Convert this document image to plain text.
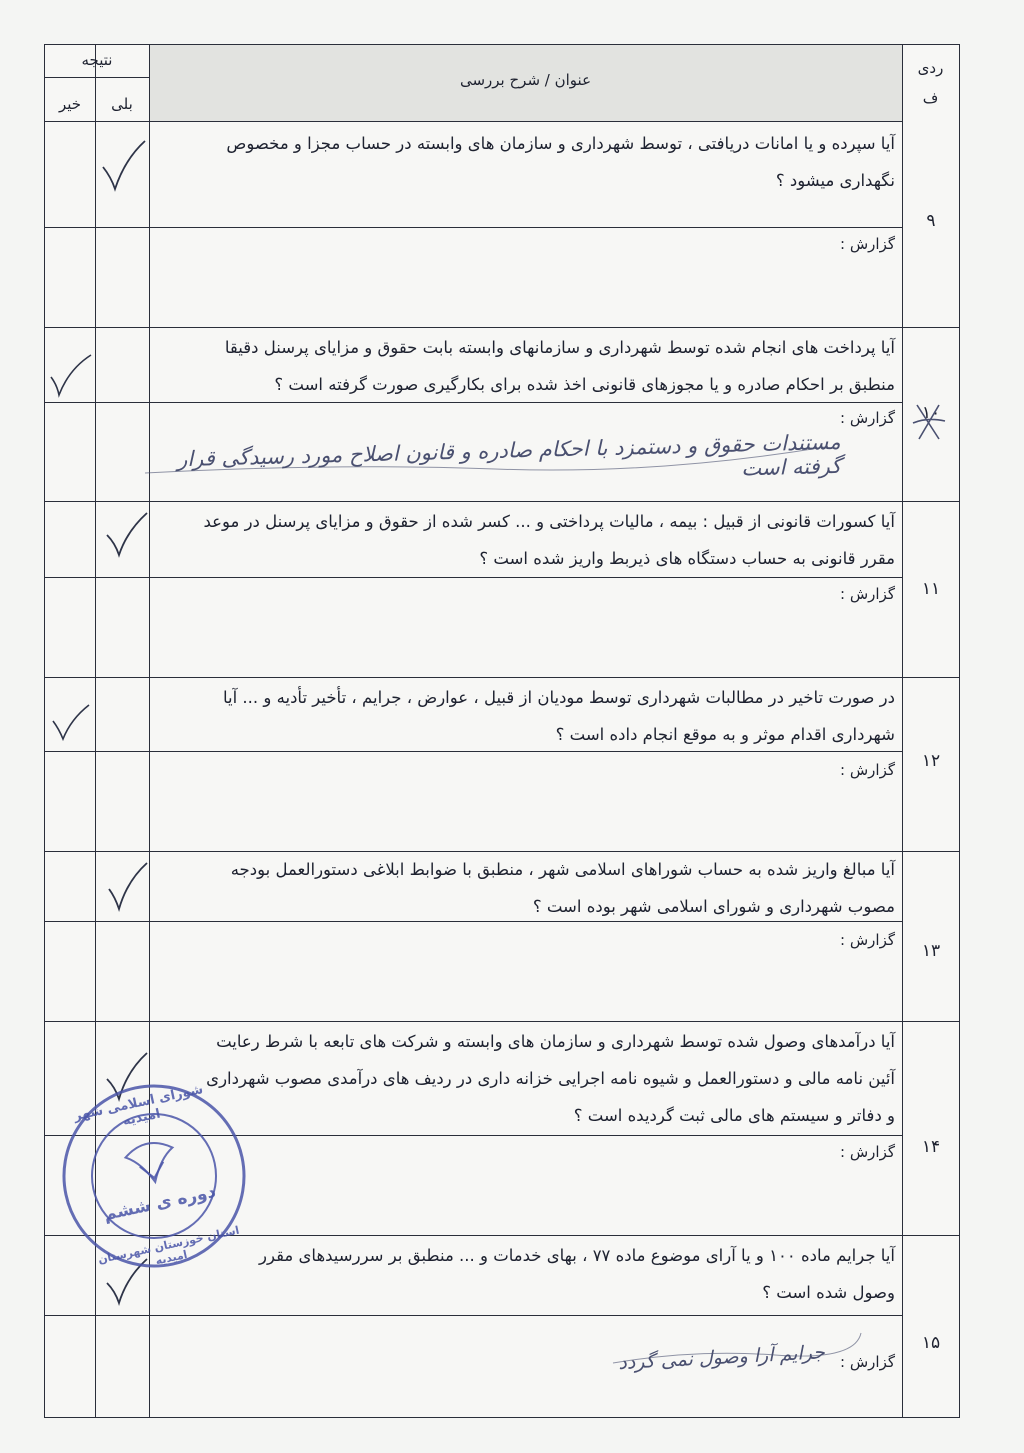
نتیجه
بلی
خیر
عنوان / شرح بررسی
ردی
ف
۹
آیا سپرده و یا امانات دریافتی ، توسط شهرداری و سازمان های وابسته در حساب مجزا و مخصوص
نگهداری میشود ؟
گزارش :
۱۰
آیا پرداخت های انجام شده توسط شهرداری و سازمانهای وابسته بابت حقوق و مزایای پرسنل دقیقا
منطبق بر احکام صادره و یا مجوزهای قانونی اخذ شده برای بکارگیری صورت گرفته است ؟
گزارش :
مستندات حقوق و دستمزد با احکام صادره و قانون اصلاح مورد رسیدگی قرار گرفته است
۱۱
آیا کسورات قانونی از قبیل : بیمه ، مالیات پرداختی و ... کسر شده از حقوق و مزایای پرسنل در موعد
مقرر قانونی به حساب دستگاه های ذیربط واریز شده است ؟
گزارش :
۱۲
در صورت تاخیر در مطالبات شهرداری توسط مودیان از قبیل ، عوارض ، جرایم ، تأخیر تأدیه و ... آیا
شهرداری اقدام موثر و به موقع انجام داده است ؟
گزارش :
۱۳
آیا مبالغ واریز شده به حساب شوراهای اسلامی شهر ، منطبق با ضوابط ابلاغی دستورالعمل بودجه
مصوب شهرداری و شورای اسلامی شهر بوده است ؟
گزارش :
۱۴
آیا درآمدهای وصول شده توسط شهرداری و سازمان های وابسته و شرکت های تابعه با شرط رعایت
آئین نامه مالی و دستورالعمل و شیوه نامه اجرایی خزانه داری در ردیف های درآمدی مصوب شهرداری
و دفاتر و سیستم های مالی ثبت گردیده است ؟
گزارش :
۱۵
آیا جرایم ماده ۱۰۰ و یا آرای موضوع ماده ۷۷ ، بهای خدمات و ... منطبق بر سررسیدهای مقرر
وصول شده است ؟
گزارش :
جرایم آرا وصول نمی گردد
شورای اسلامی شهر امیدیه
دوره ی ششم
استان خوزستان شهرستان امیدیه
